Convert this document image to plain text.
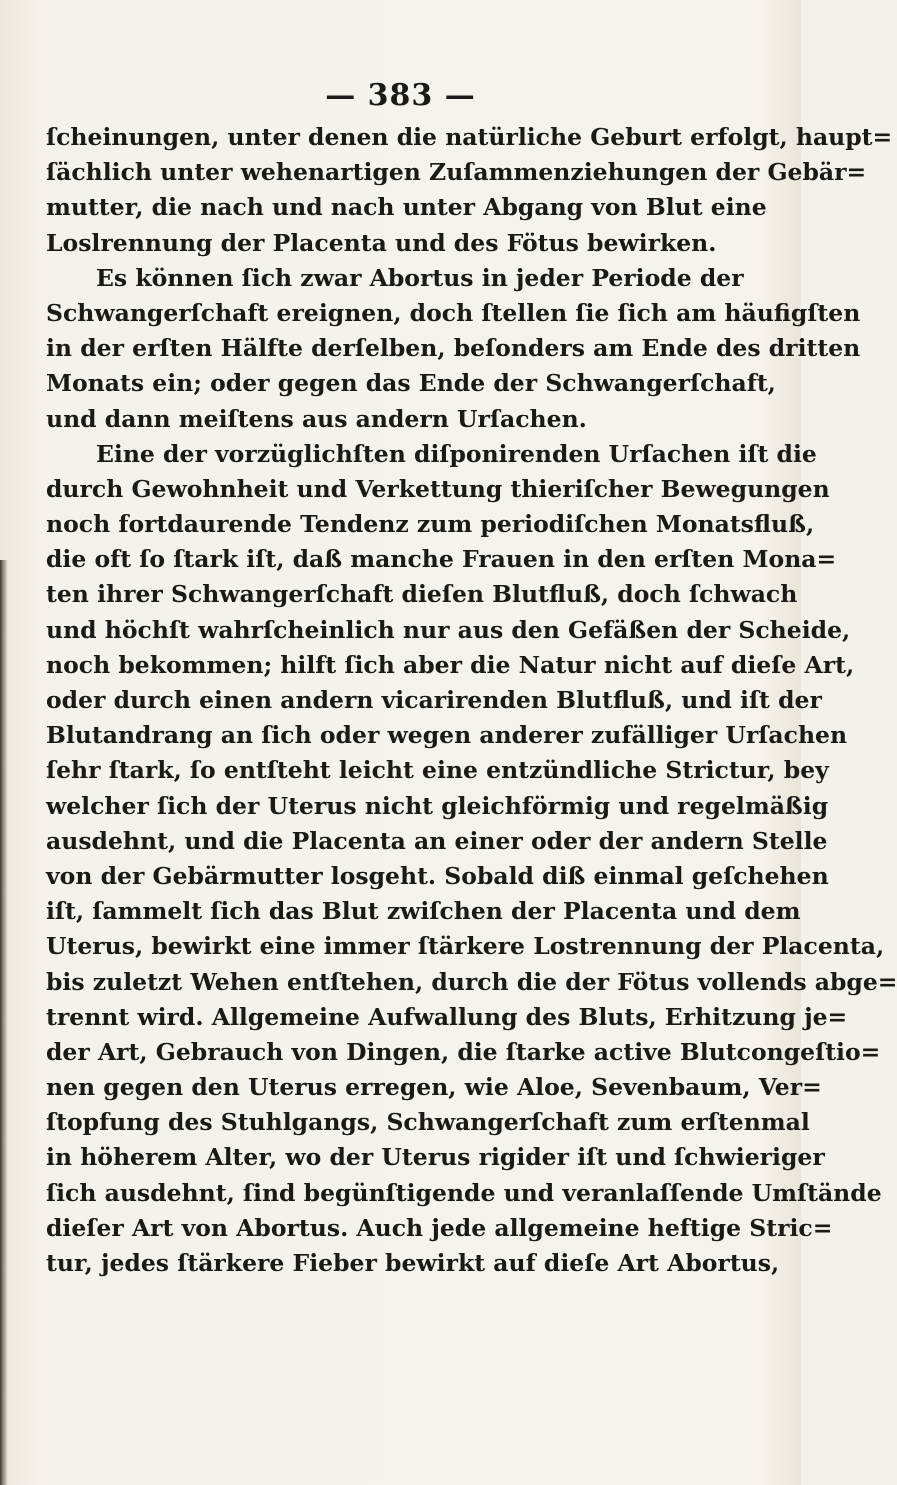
— 383 —
ſcheinungen, unter denen die natürliche Geburt erfolgt, haupt=
ſächlich unter wehenartigen Zuſammenziehungen der Gebär=
mutter, die nach und nach unter Abgang von Blut eine
Loslrennung der Placenta und des Fötus bewirken.
Es können ſich zwar Abortus in jeder Periode der
Schwangerſchaft ereignen, doch ſtellen ſie ſich am häufigſten
in der erſten Hälfte derſelben, beſonders am Ende des dritten
Monats ein; oder gegen das Ende der Schwangerſchaft,
und dann meiſtens aus andern Urſachen.
Eine der vorzüglichſten diſponirenden Urſachen iſt die
durch Gewohnheit und Verkettung thieriſcher Bewegungen
noch fortdaurende Tendenz zum periodiſchen Monatsfluß,
die oft ſo ſtark iſt, daß manche Frauen in den erſten Mona=
ten ihrer Schwangerſchaft dieſen Blutfluß, doch ſchwach
und höchſt wahrſcheinlich nur aus den Gefäßen der Scheide,
noch bekommen; hilft ſich aber die Natur nicht auf dieſe Art,
oder durch einen andern vicarirenden Blutfluß, und iſt der
Blutandrang an ſich oder wegen anderer zufälliger Urſachen
ſehr ſtark, ſo entſteht leicht eine entzündliche Strictur, bey
welcher ſich der Uterus nicht gleichförmig und regelmäßig
ausdehnt, und die Placenta an einer oder der andern Stelle
von der Gebärmutter losgeht. Sobald diß einmal geſchehen
iſt, ſammelt ſich das Blut zwiſchen der Placenta und dem
Uterus, bewirkt eine immer ſtärkere Lostrennung der Placenta,
bis zuletzt Wehen entſtehen, durch die der Fötus vollends abge=
trennt wird. Allgemeine Aufwallung des Bluts, Erhitzung je=
der Art, Gebrauch von Dingen, die ſtarke active Blutcongeſtio=
nen gegen den Uterus erregen, wie Aloe, Sevenbaum, Ver=
ſtopfung des Stuhlgangs, Schwangerſchaft zum erſtenmal
in höherem Alter, wo der Uterus rigider iſt und ſchwieriger
ſich ausdehnt, ſind begünſtigende und veranlaſſende Umſtände
dieſer Art von Abortus. Auch jede allgemeine heftige Stric=
tur, jedes ſtärkere Fieber bewirkt auf dieſe Art Abortus,
